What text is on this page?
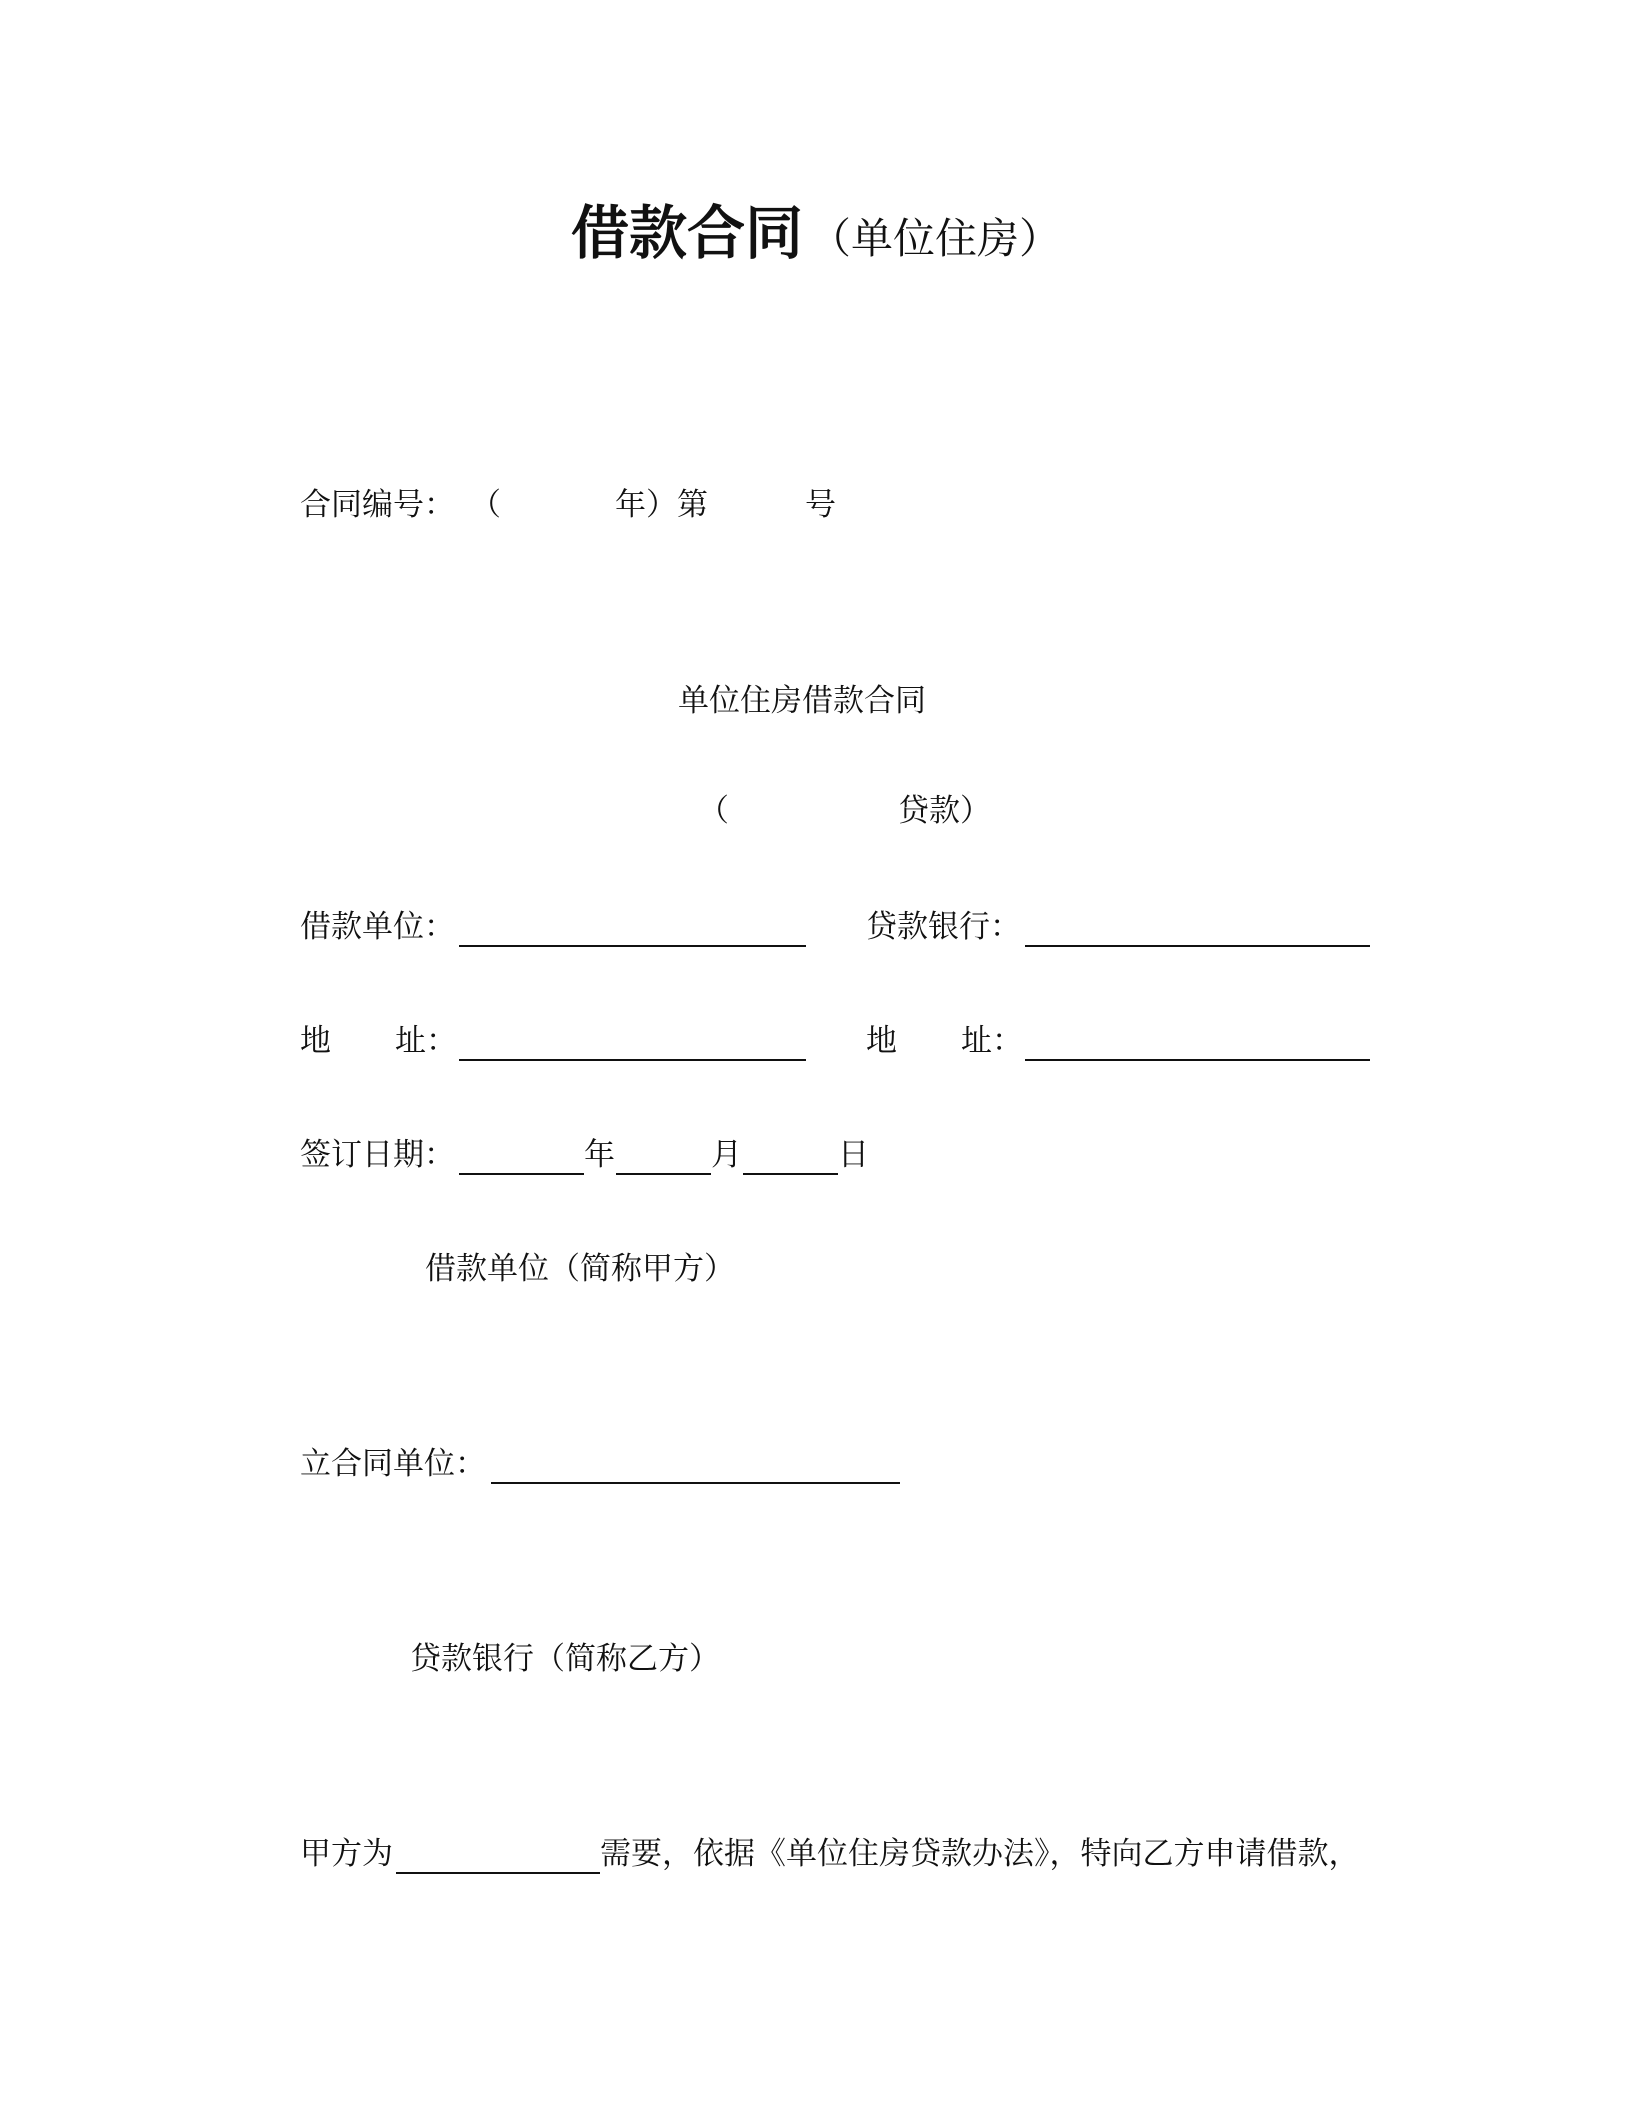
借款合同 （单位住房）
合同编号： （	年）第	号
单位住房借款合同
（	贷款）
借款单位：	贷款银行：
地 址：	地 址：
签订日期：	年	月	日
借款单位（简称甲方）
立合同单位：
贷款银行（简称乙方）
甲方为	需要，依据《单位住房贷款办法》，特向乙方申请借款，
